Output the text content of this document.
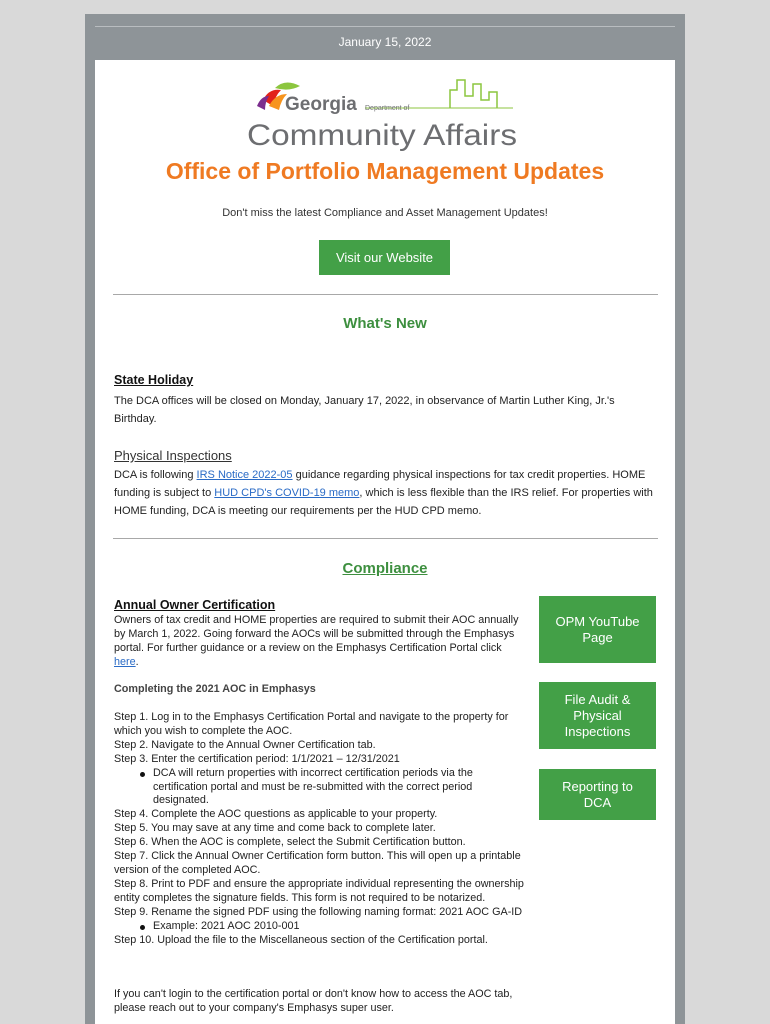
January 15, 2022
Georgia Department of
Community Affairs
Office of Portfolio Management Updates
Don't miss the latest Compliance and Asset Management Updates!
Visit our Website
What's New
State Holiday
The DCA offices will be closed on Monday, January 17, 2022, in observance of Martin Luther King, Jr.'s Birthday.
Physical Inspections
DCA is following IRS Notice 2022-05 guidance regarding physical inspections for tax credit properties. HOME funding is subject to HUD CPD's COVID-19 memo, which is less flexible than the IRS relief. For properties with HOME funding, DCA is meeting our requirements per the HUD CPD memo.
Compliance
Annual Owner Certification
Owners of tax credit and HOME properties are required to submit their AOC annually by March 1, 2022. Going forward the AOCs will be submitted through the Emphasys portal. For further guidance or a review on the Emphasys Certification Portal click here.
Completing the 2021 AOC in Emphasys
Step 1. Log in to the Emphasys Certification Portal and navigate to the property for which you wish to complete the AOC.
Step 2. Navigate to the Annual Owner Certification tab.
Step 3. Enter the certification period: 1/1/2021 – 12/31/2021
DCA will return properties with incorrect certification periods via the certification portal and must be re-submitted with the correct period designated.
Step 4. Complete the AOC questions as applicable to your property.
Step 5. You may save at any time and come back to complete later.
Step 6. When the AOC is complete, select the Submit Certification button.
Step 7. Click the Annual Owner Certification form button. This will open up a printable version of the completed AOC.
Step 8. Print to PDF and ensure the appropriate individual representing the ownership entity completes the signature fields. This form is not required to be notarized.
Step 9. Rename the signed PDF using the following naming format: 2021 AOC GA-ID
Example: 2021 AOC 2010-001
Step 10. Upload the file to the Miscellaneous section of the Certification portal.
If you can't login to the certification portal or don't know how to access the AOC tab, please reach out to your company's Emphasys super user.
OPM YouTube Page
File Audit & Physical Inspections
Reporting to DCA
